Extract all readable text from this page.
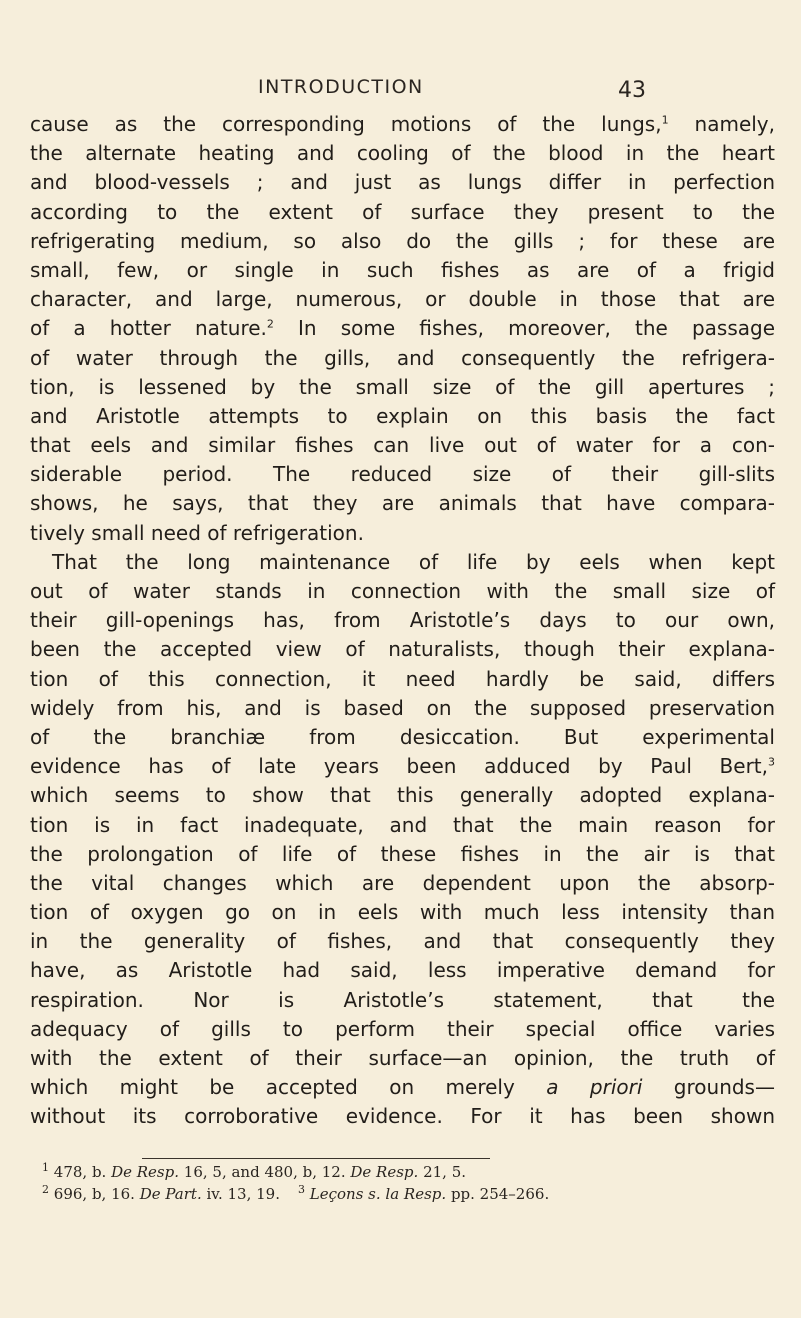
INTRODUCTION	43
cause as the corresponding motions of the lungs,$^1$ namely,
the alternate heating and cooling of the blood in the heart
and blood-vessels ; and just as lungs differ in perfection
according to the extent of surface they present to the
refrigerating medium, so also do the gills ; for these are
small, few, or single in such fishes as are of a frigid
character, and large, numerous, or double in those that are
of a hotter nature.$^2$ In some fishes, moreover, the passage
of water through the gills, and consequently the refrigera-
tion, is lessened by the small size of the gill apertures ;
and Aristotle attempts to explain on this basis the fact
that eels and similar fishes can live out of water for a con-
siderable period. The reduced size of their gill-slits
shows, he says, that they are animals that have compara-
tively small need of refrigeration.
That the long maintenance of life by eels when kept
out of water stands in connection with the small size of
their gill-openings has, from Aristotle’s days to our own,
been the accepted view of naturalists, though their explana-
tion of this connection, it need hardly be said, differs
widely from his, and is based on the supposed preservation
of the branchiæ from desiccation. But experimental
evidence has of late years been adduced by Paul Bert,$^3$
which seems to show that this generally adopted explana-
tion is in fact inadequate, and that the main reason for
the prolongation of life of these fishes in the air is that
the vital changes which are dependent upon the absorp-
tion of oxygen go on in eels with much less intensity than
in the generality of fishes, and that consequently they
have, as Aristotle had said, less imperative demand for
respiration. Nor is Aristotle’s statement, that the
adequacy of gills to perform their special office varies
with the extent of their surface—an opinion, the truth of
which might be accepted on merely a priori grounds—
without its corroborative evidence. For it has been shown
$^1$ 478, b. De Resp. 16, 5, and 480, b, 12. De Resp. 21, 5.
$^2$ 696, b, 16. De Part. iv. 13, 19. $^3$ Leçons s. la Resp. pp. 254–266.
